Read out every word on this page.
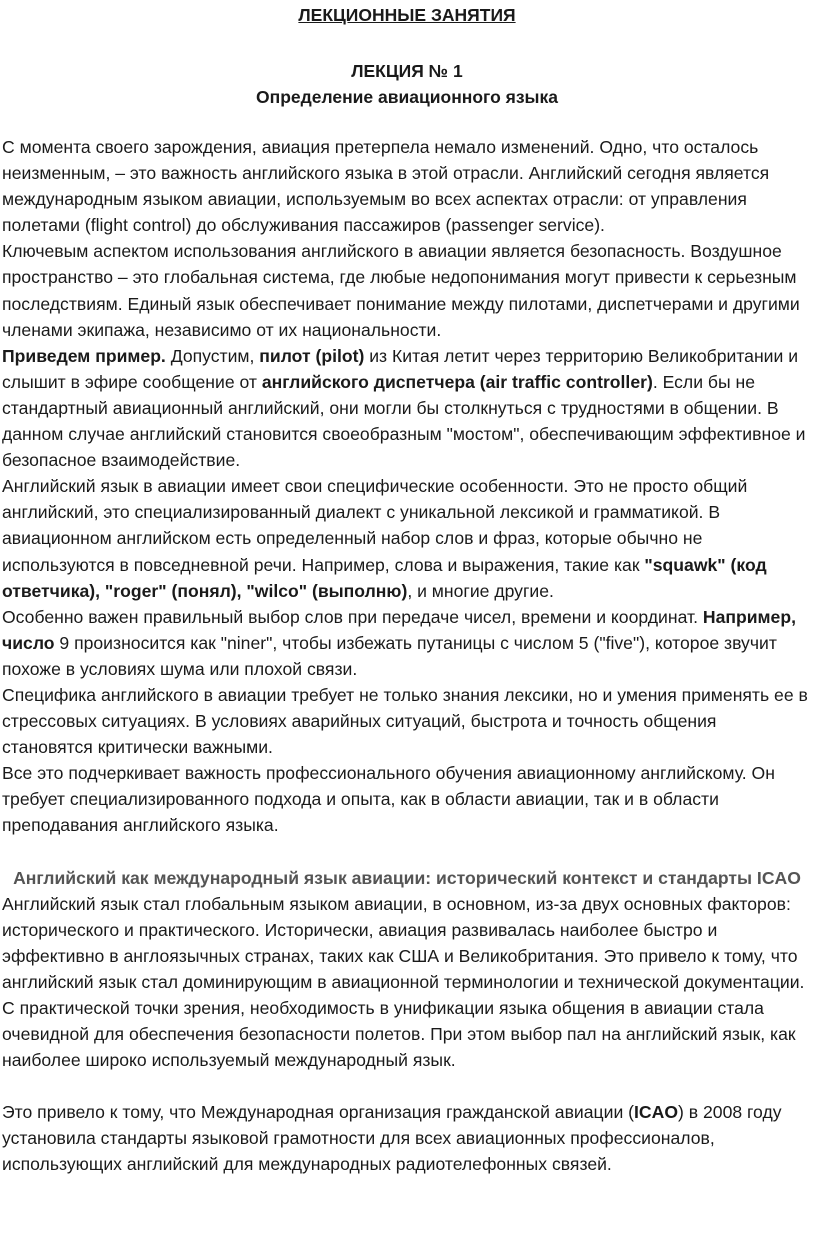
ЛЕКЦИОННЫЕ ЗАНЯТИЯ

ЛЕКЦИЯ № 1

Определение авиационного языка

С момента своего зарождения, авиация претерпела немало изменений. Одно, что осталось неизменным, – это важность английского языка в этой отрасли. Английский сегодня является международным языком авиации, используемым во всех аспектах отрасли: от управления полетами (flight control) до обслуживания пассажиров (passenger service).

Ключевым аспектом использования английского в авиации является безопасность. Воздушное пространство – это глобальная система, где любые недопонимания могут привести к серьезным последствиям. Единый язык обеспечивает понимание между пилотами, диспетчерами и другими членами экипажа, независимо от их национальности.

Приведем пример. Допустим, пилот (pilot) из Китая летит через территорию Великобритании и слышит в эфире сообщение от английского диспетчера (air traffic controller). Если бы не стандартный авиационный английский, они могли бы столкнуться с трудностями в общении. В данном случае английский становится своеобразным "мостом", обеспечивающим эффективное и безопасное взаимодействие.

Английский язык в авиации имеет свои специфические особенности. Это не просто общий английский, это специализированный диалект с уникальной лексикой и грамматикой. В авиационном английском есть определенный набор слов и фраз, которые обычно не используются в повседневной речи. Например, слова и выражения, такие как "squawk" (код ответчика), "roger" (понял), "wilco" (выполню), и многие другие.

Особенно важен правильный выбор слов при передаче чисел, времени и координат. Например, число 9 произносится как "niner", чтобы избежать путаницы с числом 5 ("five"), которое звучит похоже в условиях шума или плохой связи.

Специфика английского в авиации требует не только знания лексики, но и умения применять ее в стрессовых ситуациях. В условиях аварийных ситуаций, быстрота и точность общения становятся критически важными.

Все это подчеркивает важность профессионального обучения авиационному английскому. Он требует специализированного подхода и опыта, как в области авиации, так и в области преподавания английского языка.

Английский как международный язык авиации: исторический контекст и стандарты ICAO

Английский язык стал глобальным языком авиации, в основном, из-за двух основных факторов: исторического и практического. Исторически, авиация развивалась наиболее быстро и эффективно в англоязычных странах, таких как США и Великобритания. Это привело к тому, что английский язык стал доминирующим в авиационной терминологии и технической документации.

С практической точки зрения, необходимость в унификации языка общения в авиации стала очевидной для обеспечения безопасности полетов. При этом выбор пал на английский язык, как наиболее широко используемый международный язык.

Это привело к тому, что Международная организация гражданской авиации (ICAO) в 2008 году установила стандарты языковой грамотности для всех авиационных профессионалов, использующих английский для международных радиотелефонных связей.
